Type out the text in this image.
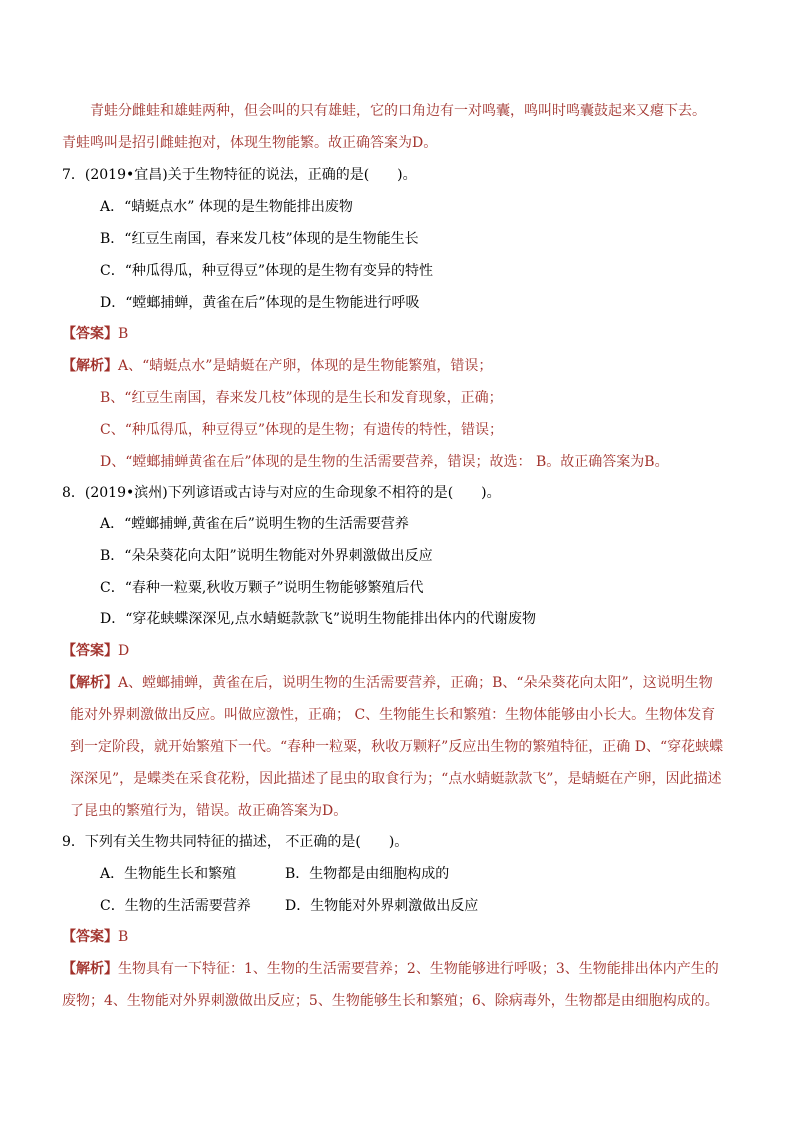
青蛙分雌蛙和雄蛙两种，但会叫的只有雄蛙，它的口角边有一对鸣囊，鸣叫时鸣囊鼓起来又瘪下去。
青蛙鸣叫是招引雌蛙抱对，体现生物能繁。故正确答案为D。
7．(2019•宜昌)关于生物特征的说法，正确的是(　　)。
A．“蜻蜓点水” 体现的是生物能排出废物
B．“红豆生南国，春来发几枝”体现的是生物能生长
C．“种瓜得瓜，种豆得豆”体现的是生物有变异的特性
D．“螳螂捕蝉，黄雀在后”体现的是生物能进行呼吸
【答案】B
【解析】A、“蜻蜓点水”是蜻蜓在产卵，体现的是生物能繁殖，错误；
B、“红豆生南国，春来发几枝”体现的是生长和发育现象，正确；
C、“种瓜得瓜，种豆得豆”体现的是生物；有遗传的特性，错误；
D、“螳螂捕蝉黄雀在后”体现的是生物的生活需要营养，错误；故选： B。故正确答案为B。
8．(2019•滨州)下列谚语或古诗与对应的生命现象不相符的是(　　)。
A．“螳螂捕蝉,黄雀在后”说明生物的生活需要营养
B．“朵朵葵花向太阳”说明生物能对外界刺激做出反应
C．“春种一粒粟,秋收万颗子”说明生物能够繁殖后代
D．“穿花蛱蝶深深见,点水蜻蜓款款飞”说明生物能排出体内的代谢废物
【答案】D
【解析】A、螳螂捕蝉，黄雀在后，说明生物的生活需要营养，正确；B、“朵朵葵花向太阳”，这说明生物
能对外界刺激做出反应。叫做应激性，正确； C、生物能生长和繁殖：生物体能够由小长大。生物体发育
到一定阶段，就开始繁殖下一代。“春种一粒粟，秋收万颗籽”反应出生物的繁殖特征，正确 D、“穿花蛱蝶
深深见”，是蝶类在采食花粉，因此描述了昆虫的取食行为；“点水蜻蜓款款飞”，是蜻蜓在产卵，因此描述
了昆虫的繁殖行为，错误。故正确答案为D。
9．下列有关生物共同特征的描述， 不正确的是(　　)。
A．生物能生长和繁殖	B．生物都是由细胞构成的
C．生物的生活需要营养 D．生物能对外界刺激做出反应
【答案】B
【解析】生物具有一下特征：1、生物的生活需要营养；2、生物能够进行呼吸；3、生物能排出体内产生的
废物；4、生物能对外界刺激做出反应；5、生物能够生长和繁殖；6、除病毒外，生物都是由细胞构成的。
